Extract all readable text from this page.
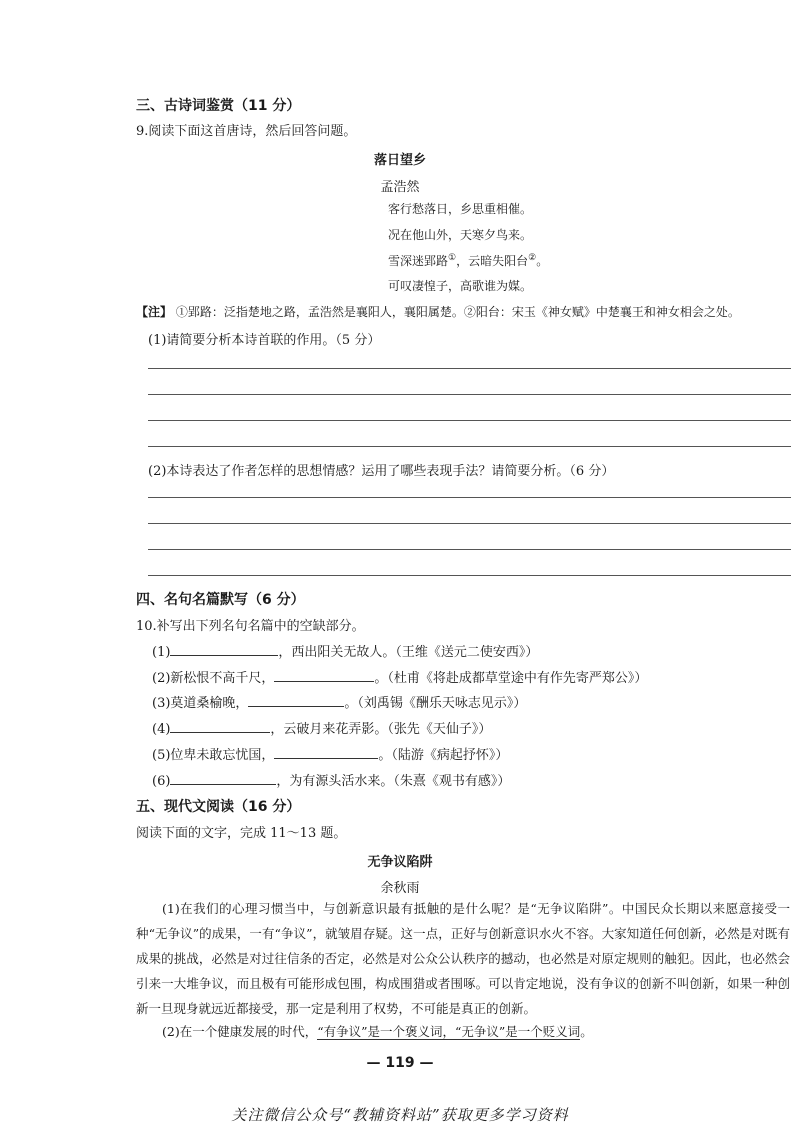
三、古诗词鉴赏（11 分）
9.阅读下面这首唐诗，然后回答问题。
落日望乡
孟浩然
客行愁落日，乡思重相催。
况在他山外，天寒夕鸟来。
雪深迷郢路①，云暗失阳台②。
可叹凄惶子，高歌谁为媒。
【注】 ①郢路：泛指楚地之路，孟浩然是襄阳人，襄阳属楚。②阳台：宋玉《神女赋》中楚襄王和神女相会之处。
(1)请简要分析本诗首联的作用。（5 分）
(2)本诗表达了作者怎样的思想情感？运用了哪些表现手法？请简要分析。（6 分）
四、名句名篇默写（6 分）
10.补写出下列名句名篇中的空缺部分。
(1)	，西出阳关无故人。（王维《送元二使安西》）
(2)新松恨不高千尺，	。（杜甫《将赴成都草堂途中有作先寄严郑公》）
(3)莫道桑榆晚，	。（刘禹锡《酬乐天咏志见示》）
(4)	，云破月来花弄影。（张先《天仙子》）
(5)位卑未敢忘忧国，	。（陆游《病起抒怀》）
(6)	，为有源头活水来。（朱熹《观书有感》）
五、现代文阅读（16 分）
阅读下面的文字，完成 11～13 题。
无争议陷阱
余秋雨
(1)在我们的心理习惯当中，与创新意识最有抵触的是什么呢？是“无争议陷阱”。中国民众长期以来愿意接受一种“无争议”的成果，一有“争议”，就皱眉存疑。这一点，正好与创新意识水火不容。大家知道任何创新，必然是对既有成果的挑战，必然是对过往信条的否定，必然是对公众公认秩序的撼动，也必然是对原定规则的触犯。因此，也必然会引来一大堆争议，而且极有可能形成包围，构成围猎或者围啄。可以肯定地说，没有争议的创新不叫创新，如果一种创新一旦现身就远近都接受，那一定是利用了权势，不可能是真正的创新。
(2)在一个健康发展的时代，“有争议”是一个褒义词，“无争议”是一个贬义词。
— 119 —
关注微信公众号“教辅资料站”获取更多学习资料
